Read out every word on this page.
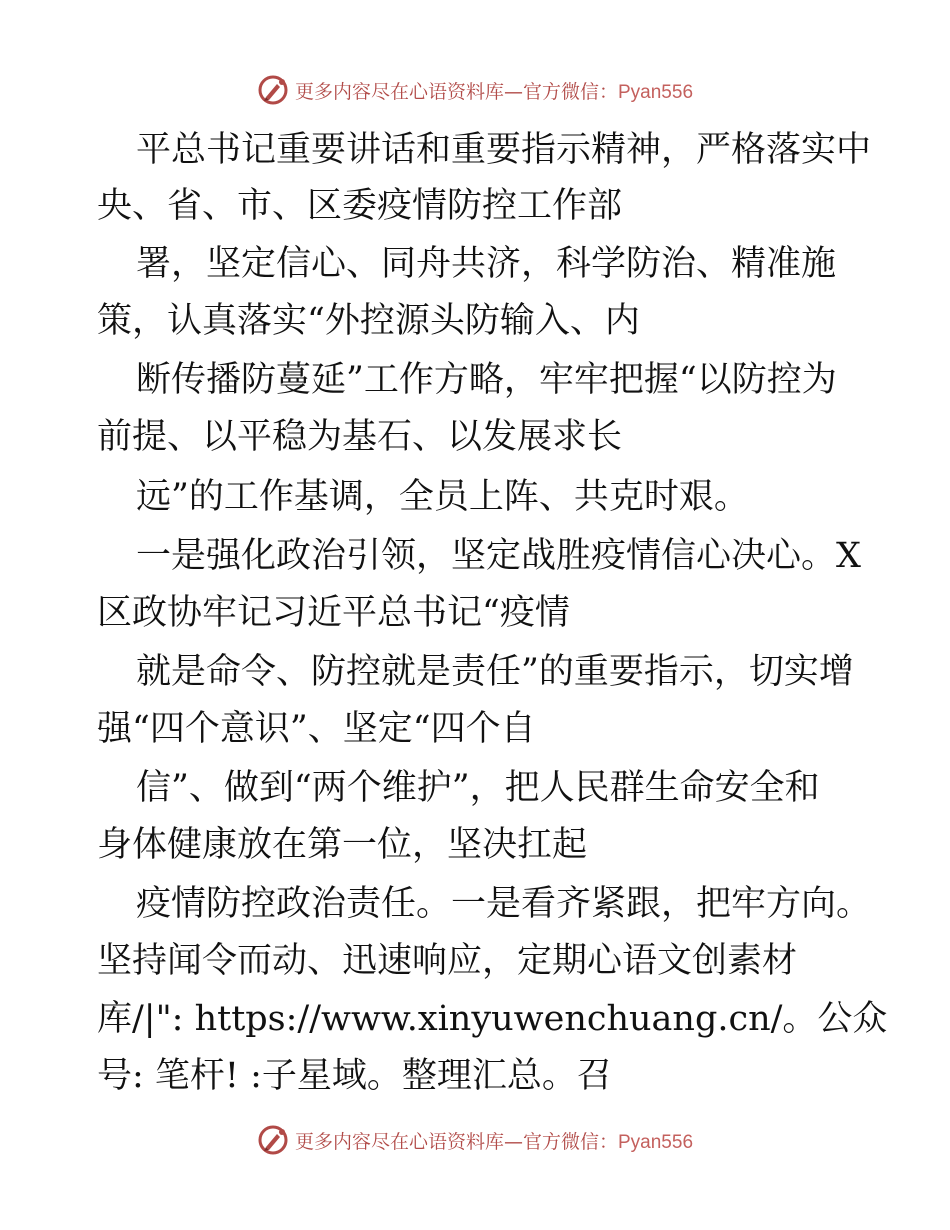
更多内容尽在心语资料库—官方微信：Pyan556
平总书记重要讲话和重要指示精神，严格落实中
央、省、市、区委疫情防控工作部
署，坚定信心、同舟共济，科学防治、精准施
策，认真落实“外控源头防输入、内
断传播防蔓延”工作方略，牢牢把握“以防控为
前提、以平稳为基石、以发展求长
远”的工作基调，全员上阵、共克时艰。
一是强化政治引领，坚定战胜疫情信心决心。X
区政协牢记习近平总书记“疫情
就是命令、防控就是责任”的重要指示，切实增
强“四个意识”、坚定“四个自
信”、做到“两个维护”，把人民群生命安全和
身体健康放在第一位，坚决扛起
疫情防控政治责任。一是看齐紧跟，把牢方向。
坚持闻令而动、迅速响应，定期心语文创素材
库/|": https://www.xinyuwenchuang.cn/。公众
号: 笔杆! :子星域。整理汇总。召
更多内容尽在心语资料库—官方微信：Pyan556
